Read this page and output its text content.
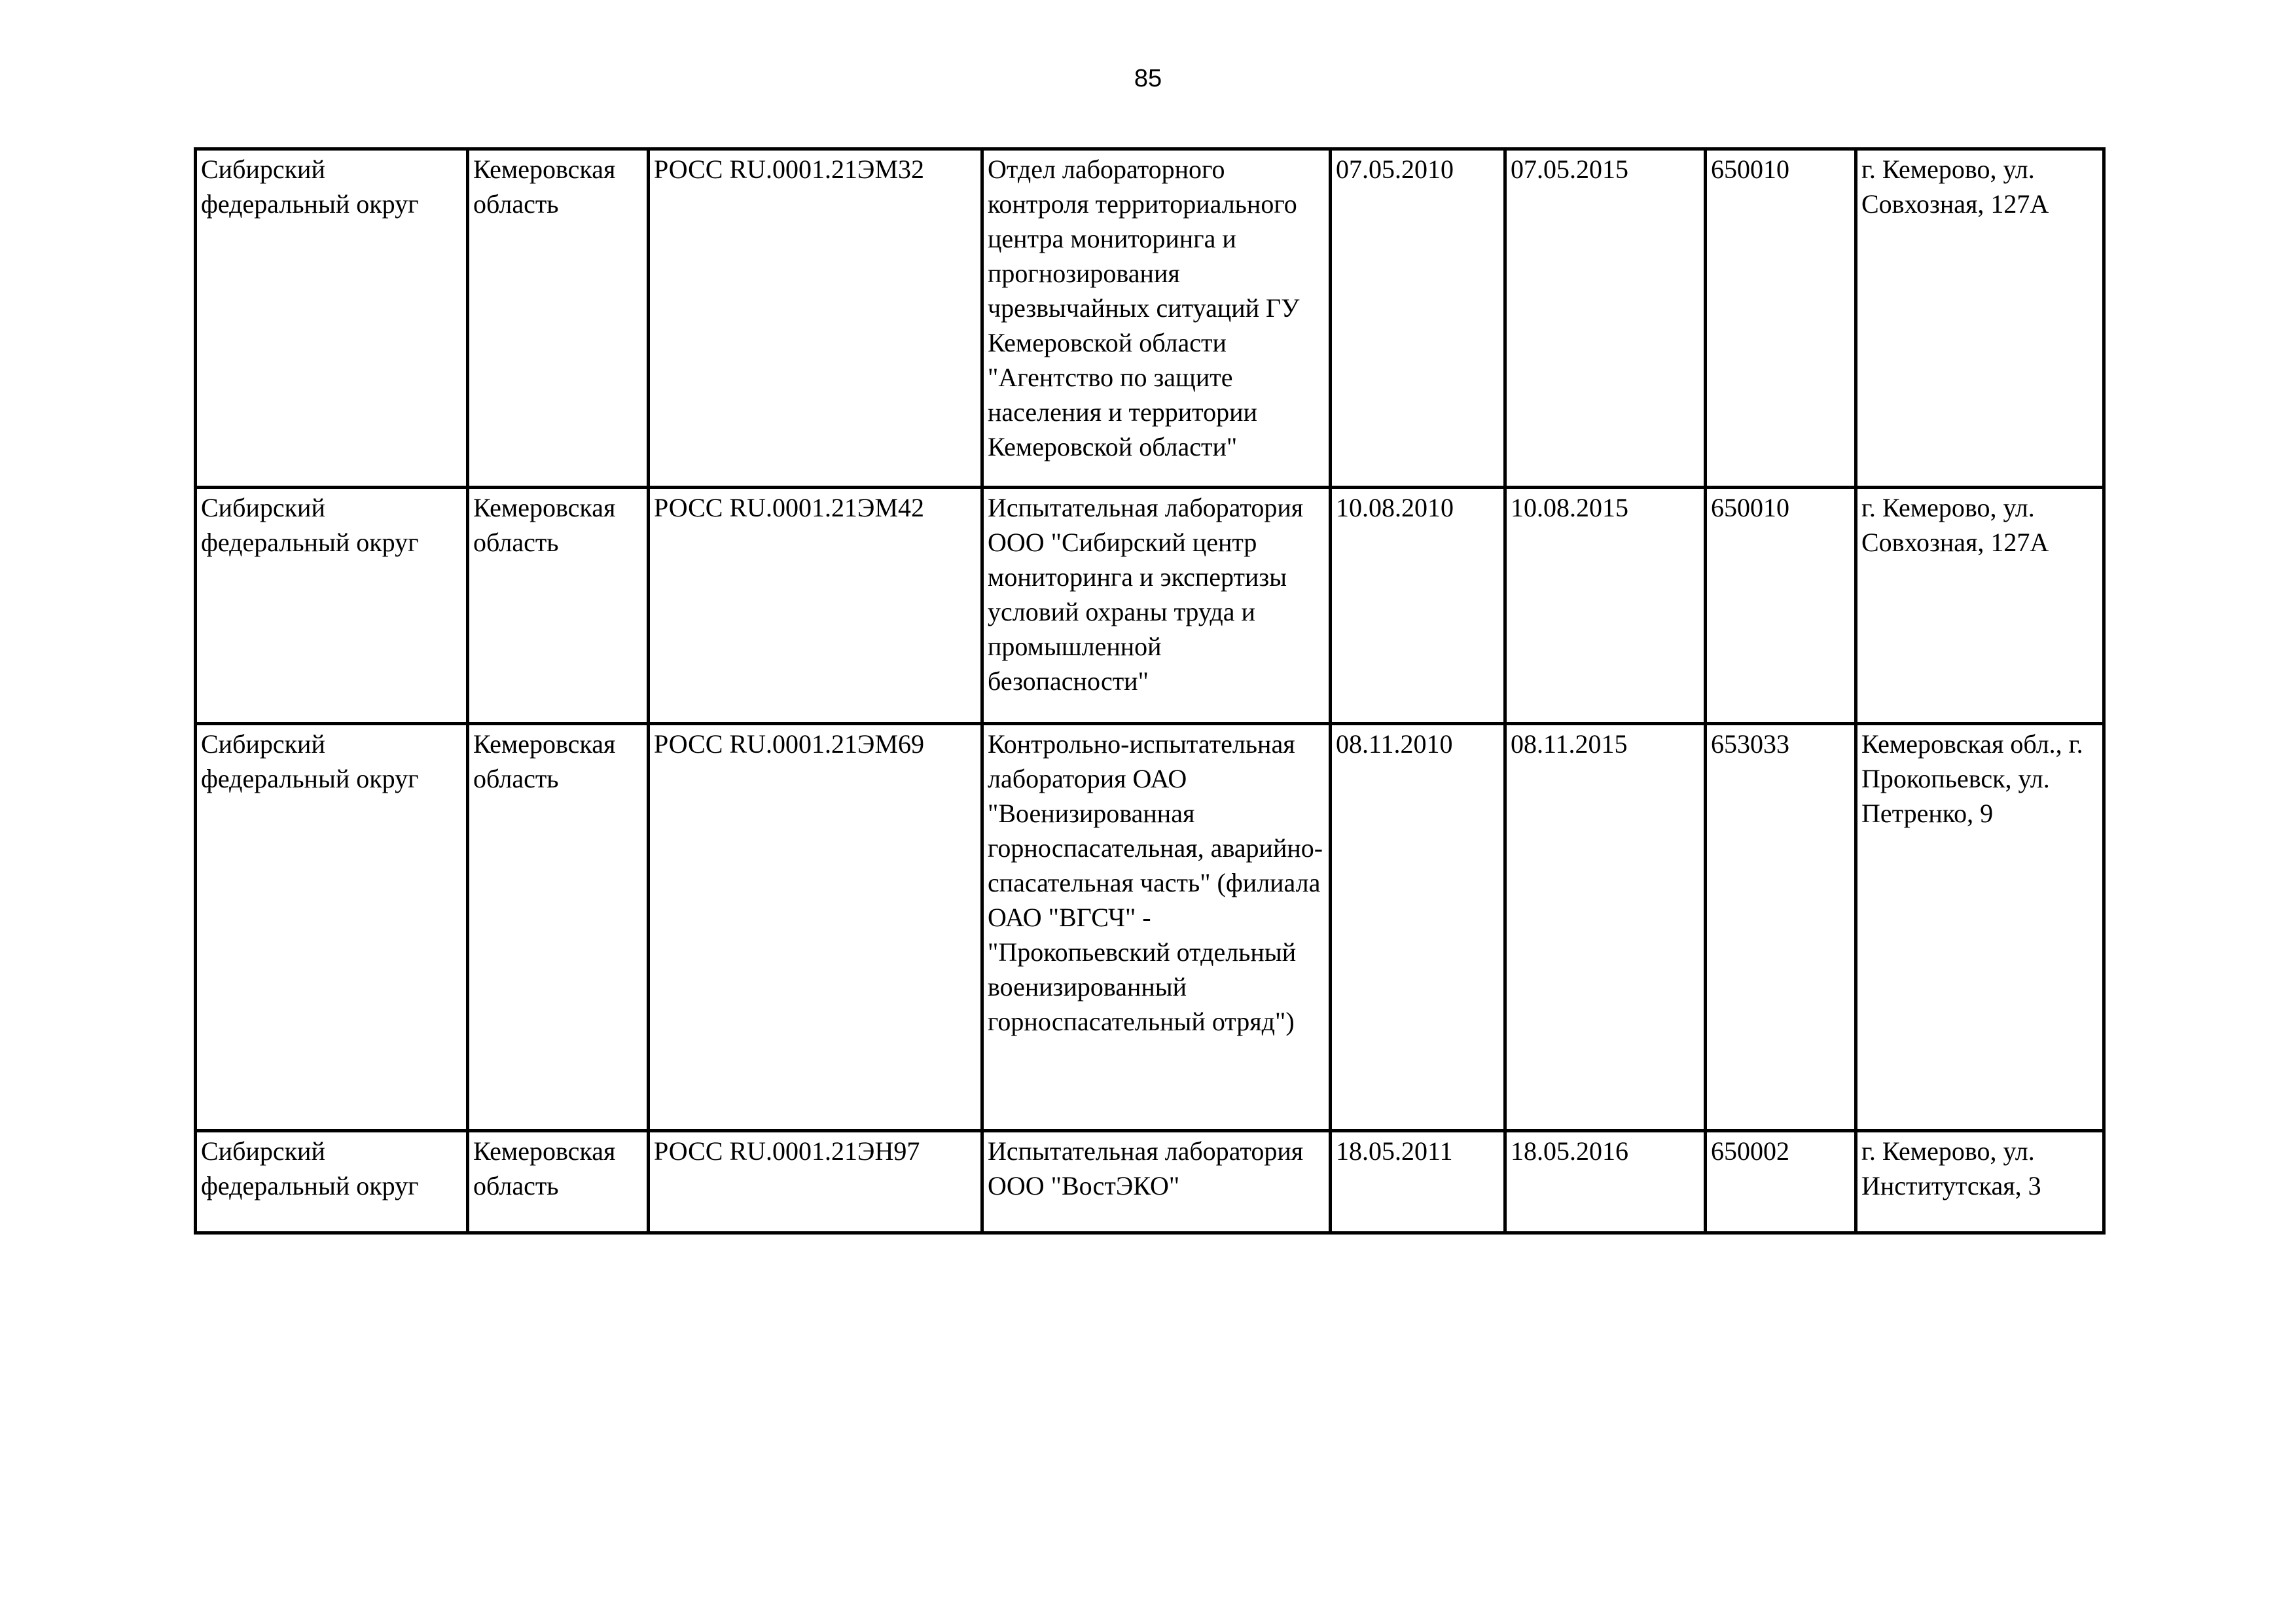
85
Сибирский федеральный округ	Кемеровская область	РОСС RU.0001.21ЭМ32	Отдел лабораторного контроля территориального центра мониторинга и прогнозирования чрезвычайных ситуаций ГУ Кемеровской области "Агентство по защите населения и территории Кемеровской области"	07.05.2010	07.05.2015	650010	г. Кемерово, ул. Совхозная, 127А
Сибирский федеральный округ	Кемеровская область	РОСС RU.0001.21ЭМ42	Испытательная лаборатория ООО "Сибирский центр мониторинга и экспертизы условий охраны труда и промышленной безопасности"	10.08.2010	10.08.2015	650010	г. Кемерово, ул. Совхозная, 127А
Сибирский федеральный округ	Кемеровская область	РОСС RU.0001.21ЭМ69	Контрольно-испытательная лаборатория ОАО "Военизированная горноспасательная, аварийно-спасательная часть" (филиала ОАО "ВГСЧ" - "Прокопьевский отдельный военизированный горноспасательный отряд")	08.11.2010	08.11.2015	653033	Кемеровская обл., г. Прокопьевск, ул. Петренко, 9
Сибирский федеральный округ	Кемеровская область	РОСС RU.0001.21ЭН97	Испытательная лаборатория ООО "ВостЭКО"	18.05.2011	18.05.2016	650002	г. Кемерово, ул. Институтская, 3
